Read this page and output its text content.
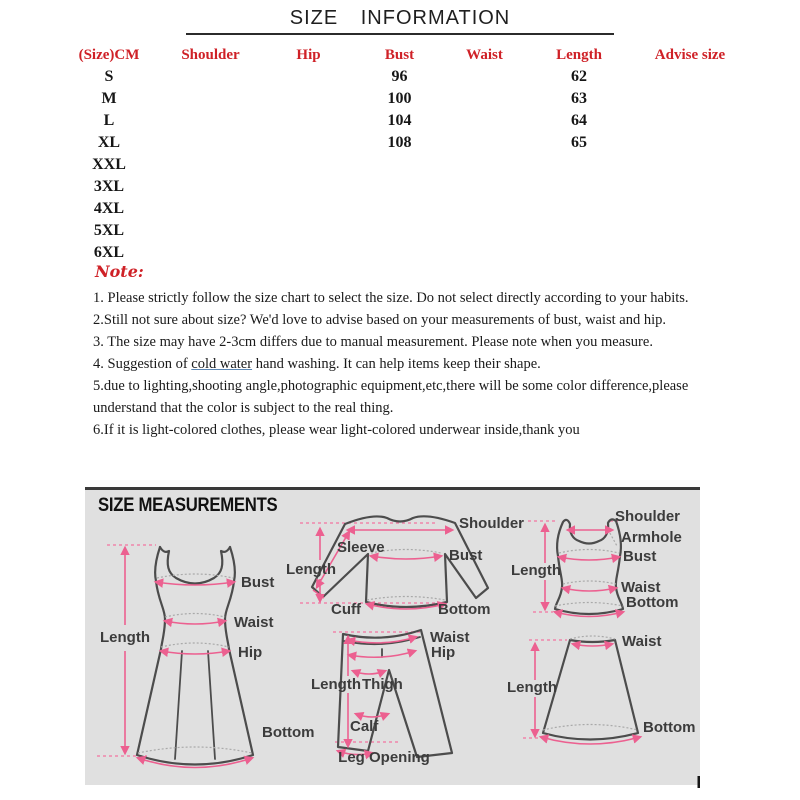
SIZE INFORMATION
(Size)CM	Shoulder	Hip	Bust	Waist	Length	Advise size
S			96		62	
M			100		63	
L			104		64	
XL			108		65	
XXL						
3XL						
4XL						
5XL						
6XL						
Note:
1. Please strictly follow the size chart to select the size. Do not select directly according to your habits.
2.Still not sure about size? We'd love to advise based on your measurements of bust, waist and hip.
3. The size may have 2-3cm differs due to manual measurement. Please note when you measure.
4. Suggestion of cold water hand washing. It can help items keep their shape.
5.due to lighting,shooting angle,photographic equipment,etc,there will be some color difference,please understand that the color is subject to the real thing.
6.If it is light-colored clothes, please wear light-colored underwear inside,thank you
SIZE MEASUREMENTS
Bust
Waist
Hip
Length
Bottom
Shoulder
Sleeve	Bust
Length
Cuff	Bottom
Waist
Hip
Length Thigh
Calf
Leg Opening
Shoulder
Armhole
Bust
Length
Waist
Bottom
Waist
Length
Bottom
